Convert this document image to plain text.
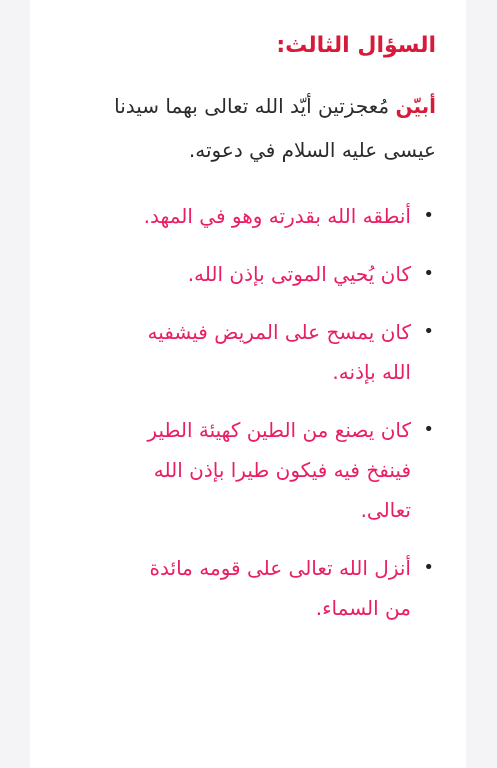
السؤال الثالث:

أبيّن مُعجزتين أيّد الله تعالى بهما سيدنا عيسى عليه السلام في دعوته.

•
أنطقه الله بقدرته وهو في المهد.
•
كان يُحيي الموتى بإذن الله.
•
كان يمسح على المريض فيشفيه الله بإذنه.
•
كان يصنع من الطين كهيئة الطير فينفخ فيه فيكون طيرا بإذن الله تعالى.
•
أنزل الله تعالى على قومه مائدة من السماء.
